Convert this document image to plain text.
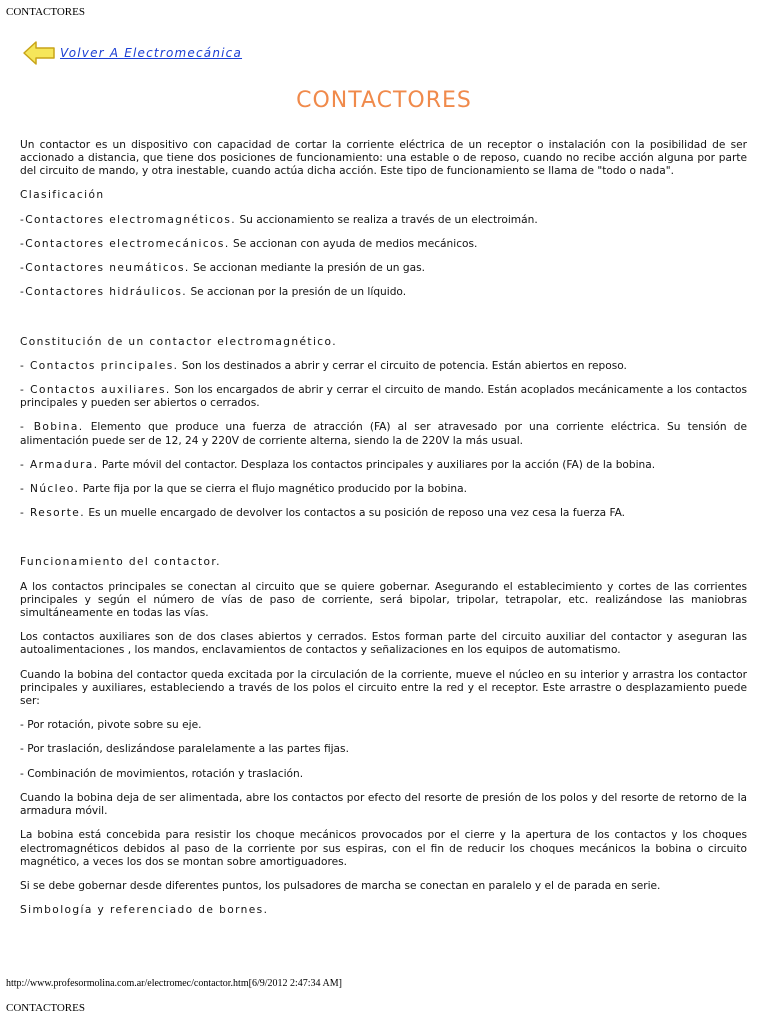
CONTACTORES
Volver A Electromecánica
CONTACTORES

Un contactor es un dispositivo con capacidad de cortar la corriente eléctrica de un receptor o instalación con la posibilidad de ser accionado a distancia, que tiene dos posiciones de funcionamiento: una estable o de reposo, cuando no recibe acción alguna por parte del circuito de mando, y otra inestable, cuando actúa dicha acción. Este tipo de funcionamiento se llama de "todo o nada".

Clasificación

-Contactores electromagnéticos. Su accionamiento se realiza a través de un electroimán.

-Contactores electromecánicos. Se accionan con ayuda de medios mecánicos.

-Contactores neumáticos. Se accionan mediante la presión de un gas.

-Contactores hidráulicos. Se accionan por la presión de un líquido.

Constitución de un contactor electromagnético.

- Contactos principales. Son los destinados a abrir y cerrar el circuito de potencia. Están abiertos en reposo.

- Contactos auxiliares. Son los encargados de abrir y cerrar el circuito de mando. Están acoplados mecánicamente a los contactos principales y pueden ser abiertos o cerrados.

- Bobina. Elemento que produce una fuerza de atracción (FA) al ser atravesado por una corriente eléctrica. Su tensión de alimentación puede ser de 12, 24 y 220V de corriente alterna, siendo la de 220V la más usual.

- Armadura. Parte móvil del contactor. Desplaza los contactos principales y auxiliares por la acción (FA) de la bobina.

- Núcleo. Parte fija por la que se cierra el flujo magnético producido por la bobina.

- Resorte. Es un muelle encargado de devolver los contactos a su posición de reposo una vez cesa la fuerza FA.

Funcionamiento del contactor.

A los contactos principales se conectan al circuito que se quiere gobernar. Asegurando el establecimiento y cortes de las corrientes principales y según el número de vías de paso de corriente, será bipolar, tripolar, tetrapolar, etc. realizándose las maniobras simultáneamente en todas las vías.

Los contactos auxiliares son de dos clases abiertos y cerrados. Estos forman parte del circuito auxiliar del contactor y aseguran las autoalimentaciones , los mandos, enclavamientos de contactos y señalizaciones en los equipos de automatismo.

Cuando la bobina del contactor queda excitada por la circulación de la corriente, mueve el núcleo en su interior y arrastra los contactor principales y auxiliares, estableciendo a través de los polos el circuito entre la red y el receptor. Este arrastre o desplazamiento puede ser:

- Por rotación, pivote sobre su eje.

- Por traslación, deslizándose paralelamente a las partes fijas.

- Combinación de movimientos, rotación y traslación.

Cuando la bobina deja de ser alimentada, abre los contactos por efecto del resorte de presión de los polos y del resorte de retorno de la armadura móvil.

La bobina está concebida para resistir los choque mecánicos provocados por el cierre y la apertura de los contactos y los choques electromagnéticos debidos al paso de la corriente por sus espiras, con el fin de reducir los choques mecánicos la bobina o circuito magnético, a veces los dos se montan sobre amortiguadores.

Si se debe gobernar desde diferentes puntos, los pulsadores de marcha se conectan en paralelo y el de parada en serie.

Simbología y referenciado de bornes.

http://www.profesormolina.com.ar/electromec/contactor.htm[6/9/2012 2:47:34 AM]
CONTACTORES
